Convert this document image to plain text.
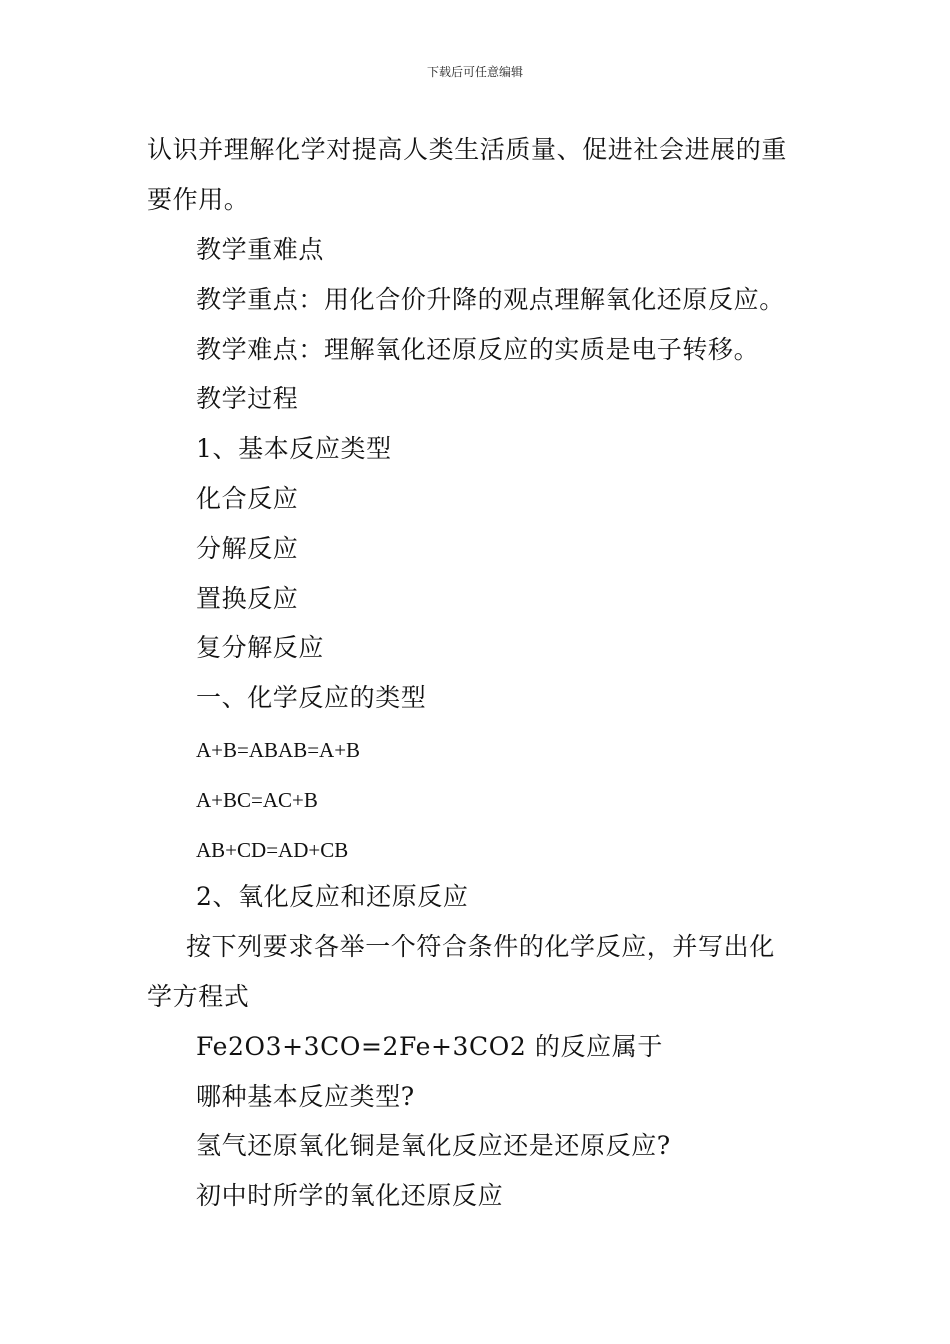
下载后可任意编辑
认识并理解化学对提高人类生活质量、促进社会进展的重
要作用。
教学重难点
教学重点：用化合价升降的观点理解氧化还原反应。
教学难点：理解氧化还原反应的实质是电子转移。
教学过程
1、基本反应类型
化合反应
分解反应
置换反应
复分解反应
一、化学反应的类型
A+B=ABAB=A+B
A+BC=AC+B
AB+CD=AD+CB
2、氧化反应和还原反应
按下列要求各举一个符合条件的化学反应，并写出化
学方程式
Fe2O3+3CO=2Fe+3CO2 的反应属于
哪种基本反应类型?
氢气还原氧化铜是氧化反应还是还原反应?
初中时所学的氧化还原反应
